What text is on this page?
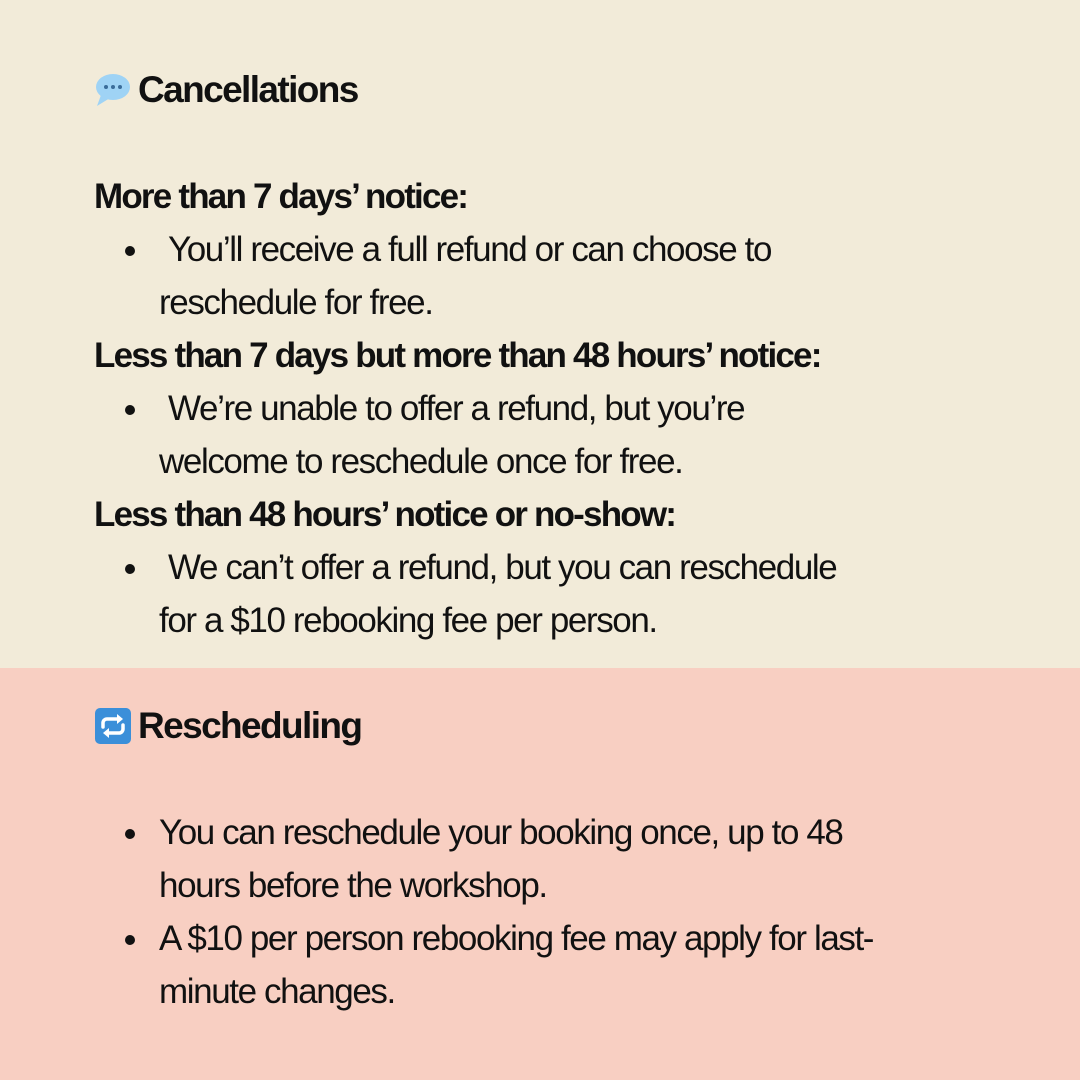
Cancellations

More than 7 days’ notice:

You’ll receive a full refund or can choose to
reschedule for free.

Less than 7 days but more than 48 hours’ notice:

We’re unable to offer a refund, but you’re
welcome to reschedule once for free.

Less than 48 hours’ notice or no-show:

We can’t offer a refund, but you can reschedule
for a $10 rebooking fee per person.
Rescheduling
You can reschedule your booking once, up to 48
hours before the workshop.
A $10 per person rebooking fee may apply for last-
minute changes.
